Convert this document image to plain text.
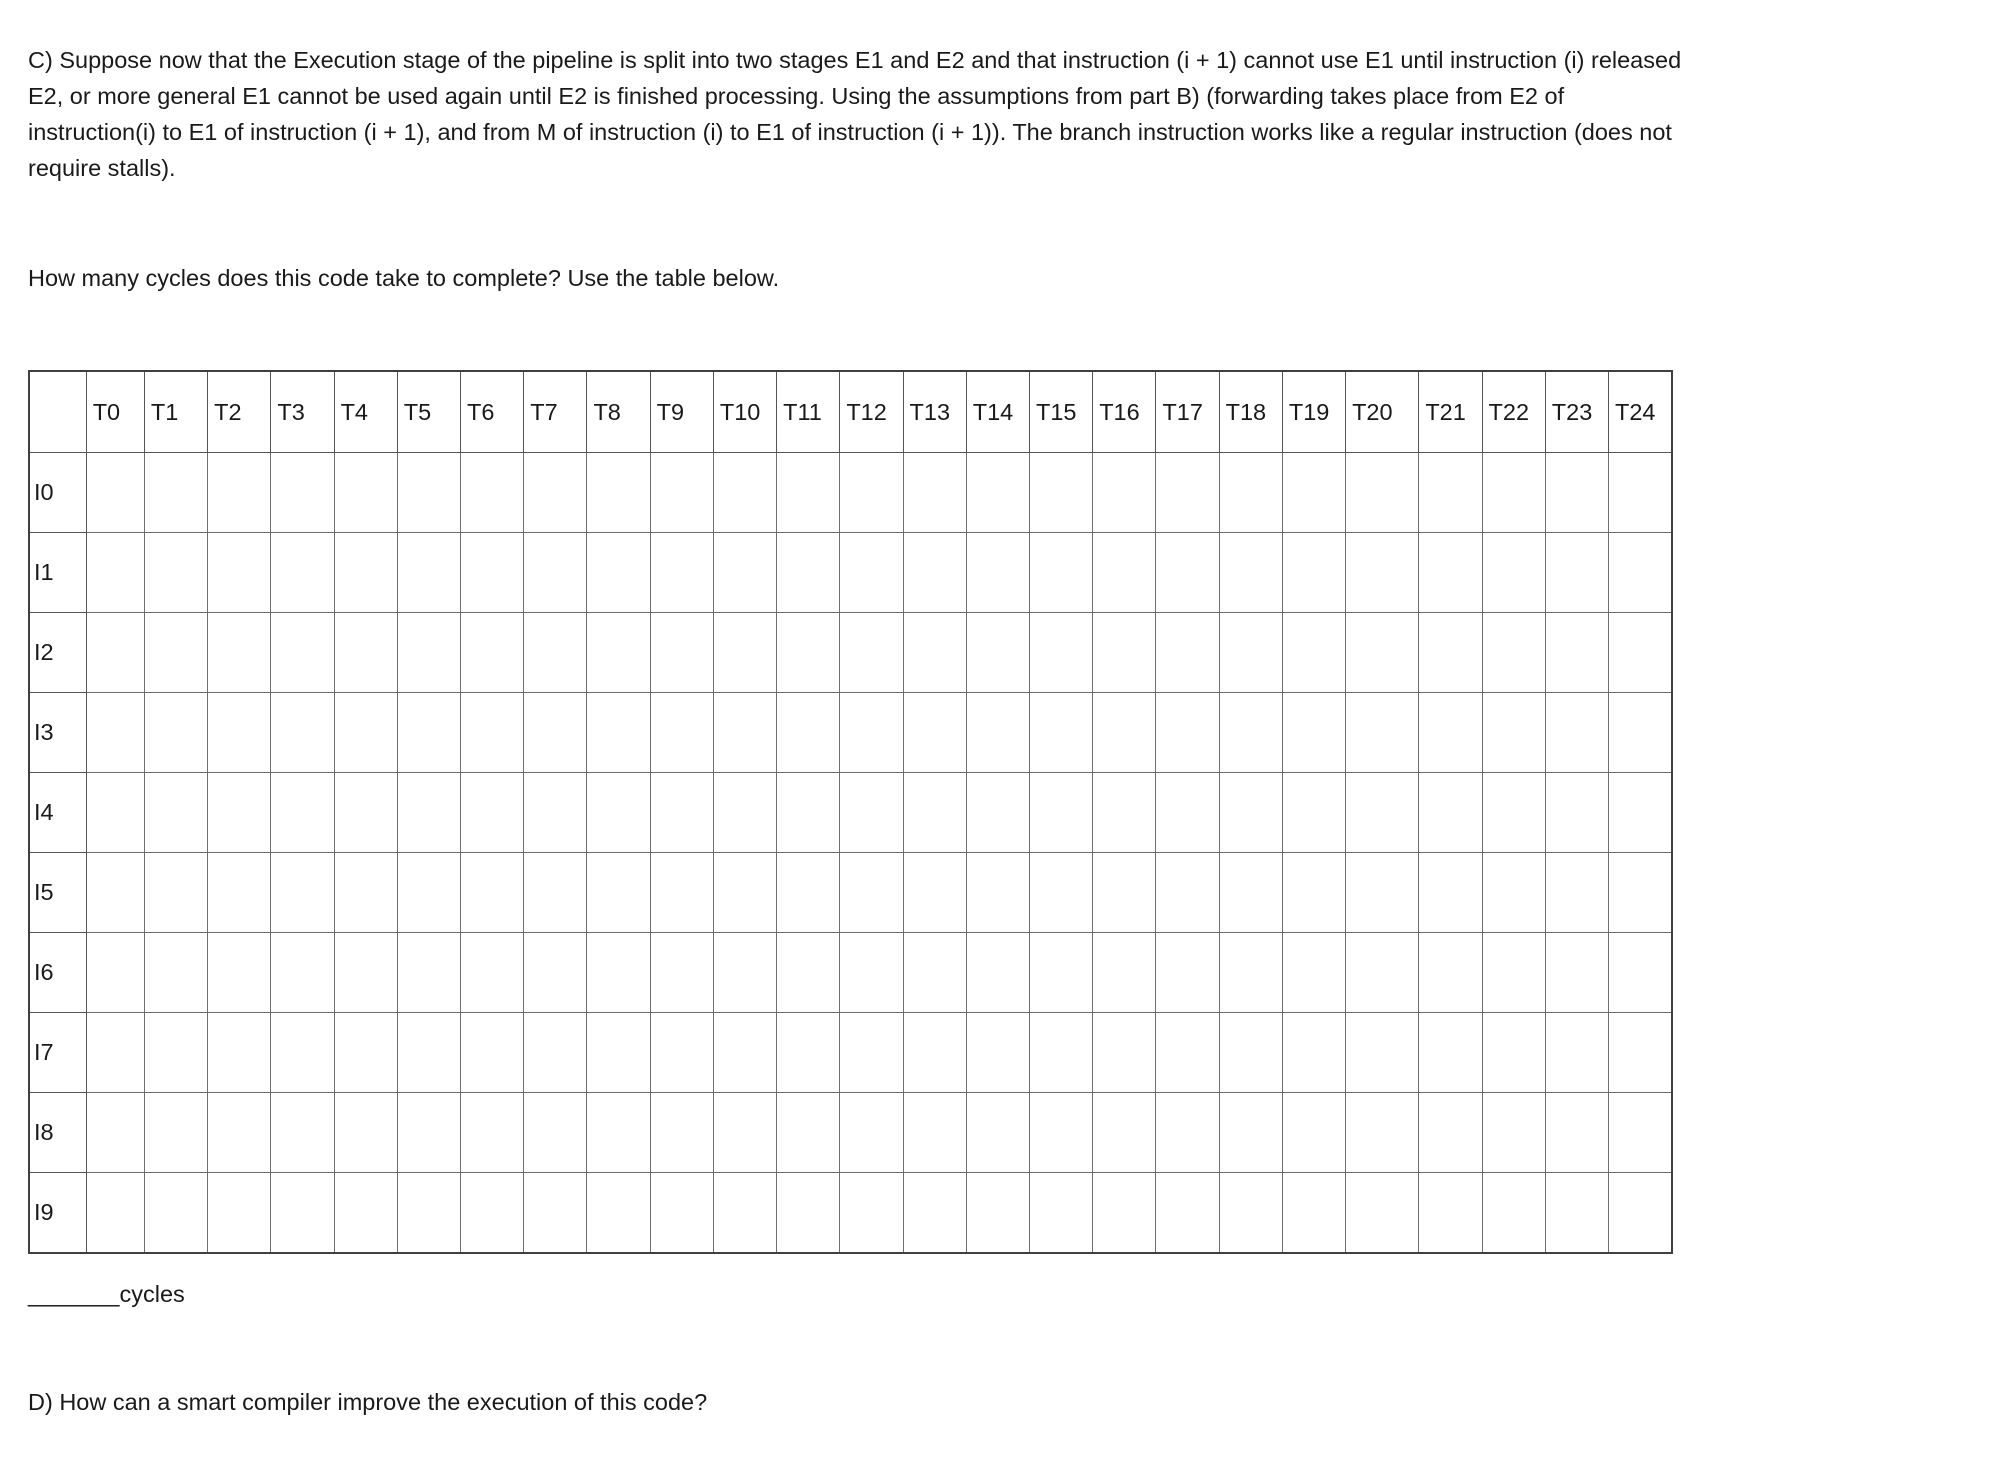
C) Suppose now that the Execution stage of the pipeline is split into two stages E1 and E2 and that instruction (i + 1) cannot use E1 until instruction (i) released E2, or more general E1 cannot be used again until E2 is finished processing. Using the assumptions from part B) (forwarding takes place from E2 of instruction(i) to E1 of instruction (i + 1), and from M of instruction (i) to E1 of instruction (i + 1)). The branch instruction works like a regular instruction (does not require stalls).

How many cycles does this code take to complete? Use the table below.

	T0	T1	T2	T3	T4	T5	T6	T7	T8	T9	T10	T11	T12	T13	T14	T15	T16	T17	T18	T19	T20	T21	T22	T23	T24
I0																									
I1																									
I2																									
I3																									
I4																									
I5																									
I6																									
I7																									
I8																									
I9																									

_______cycles

D) How can a smart compiler improve the execution of this code?
